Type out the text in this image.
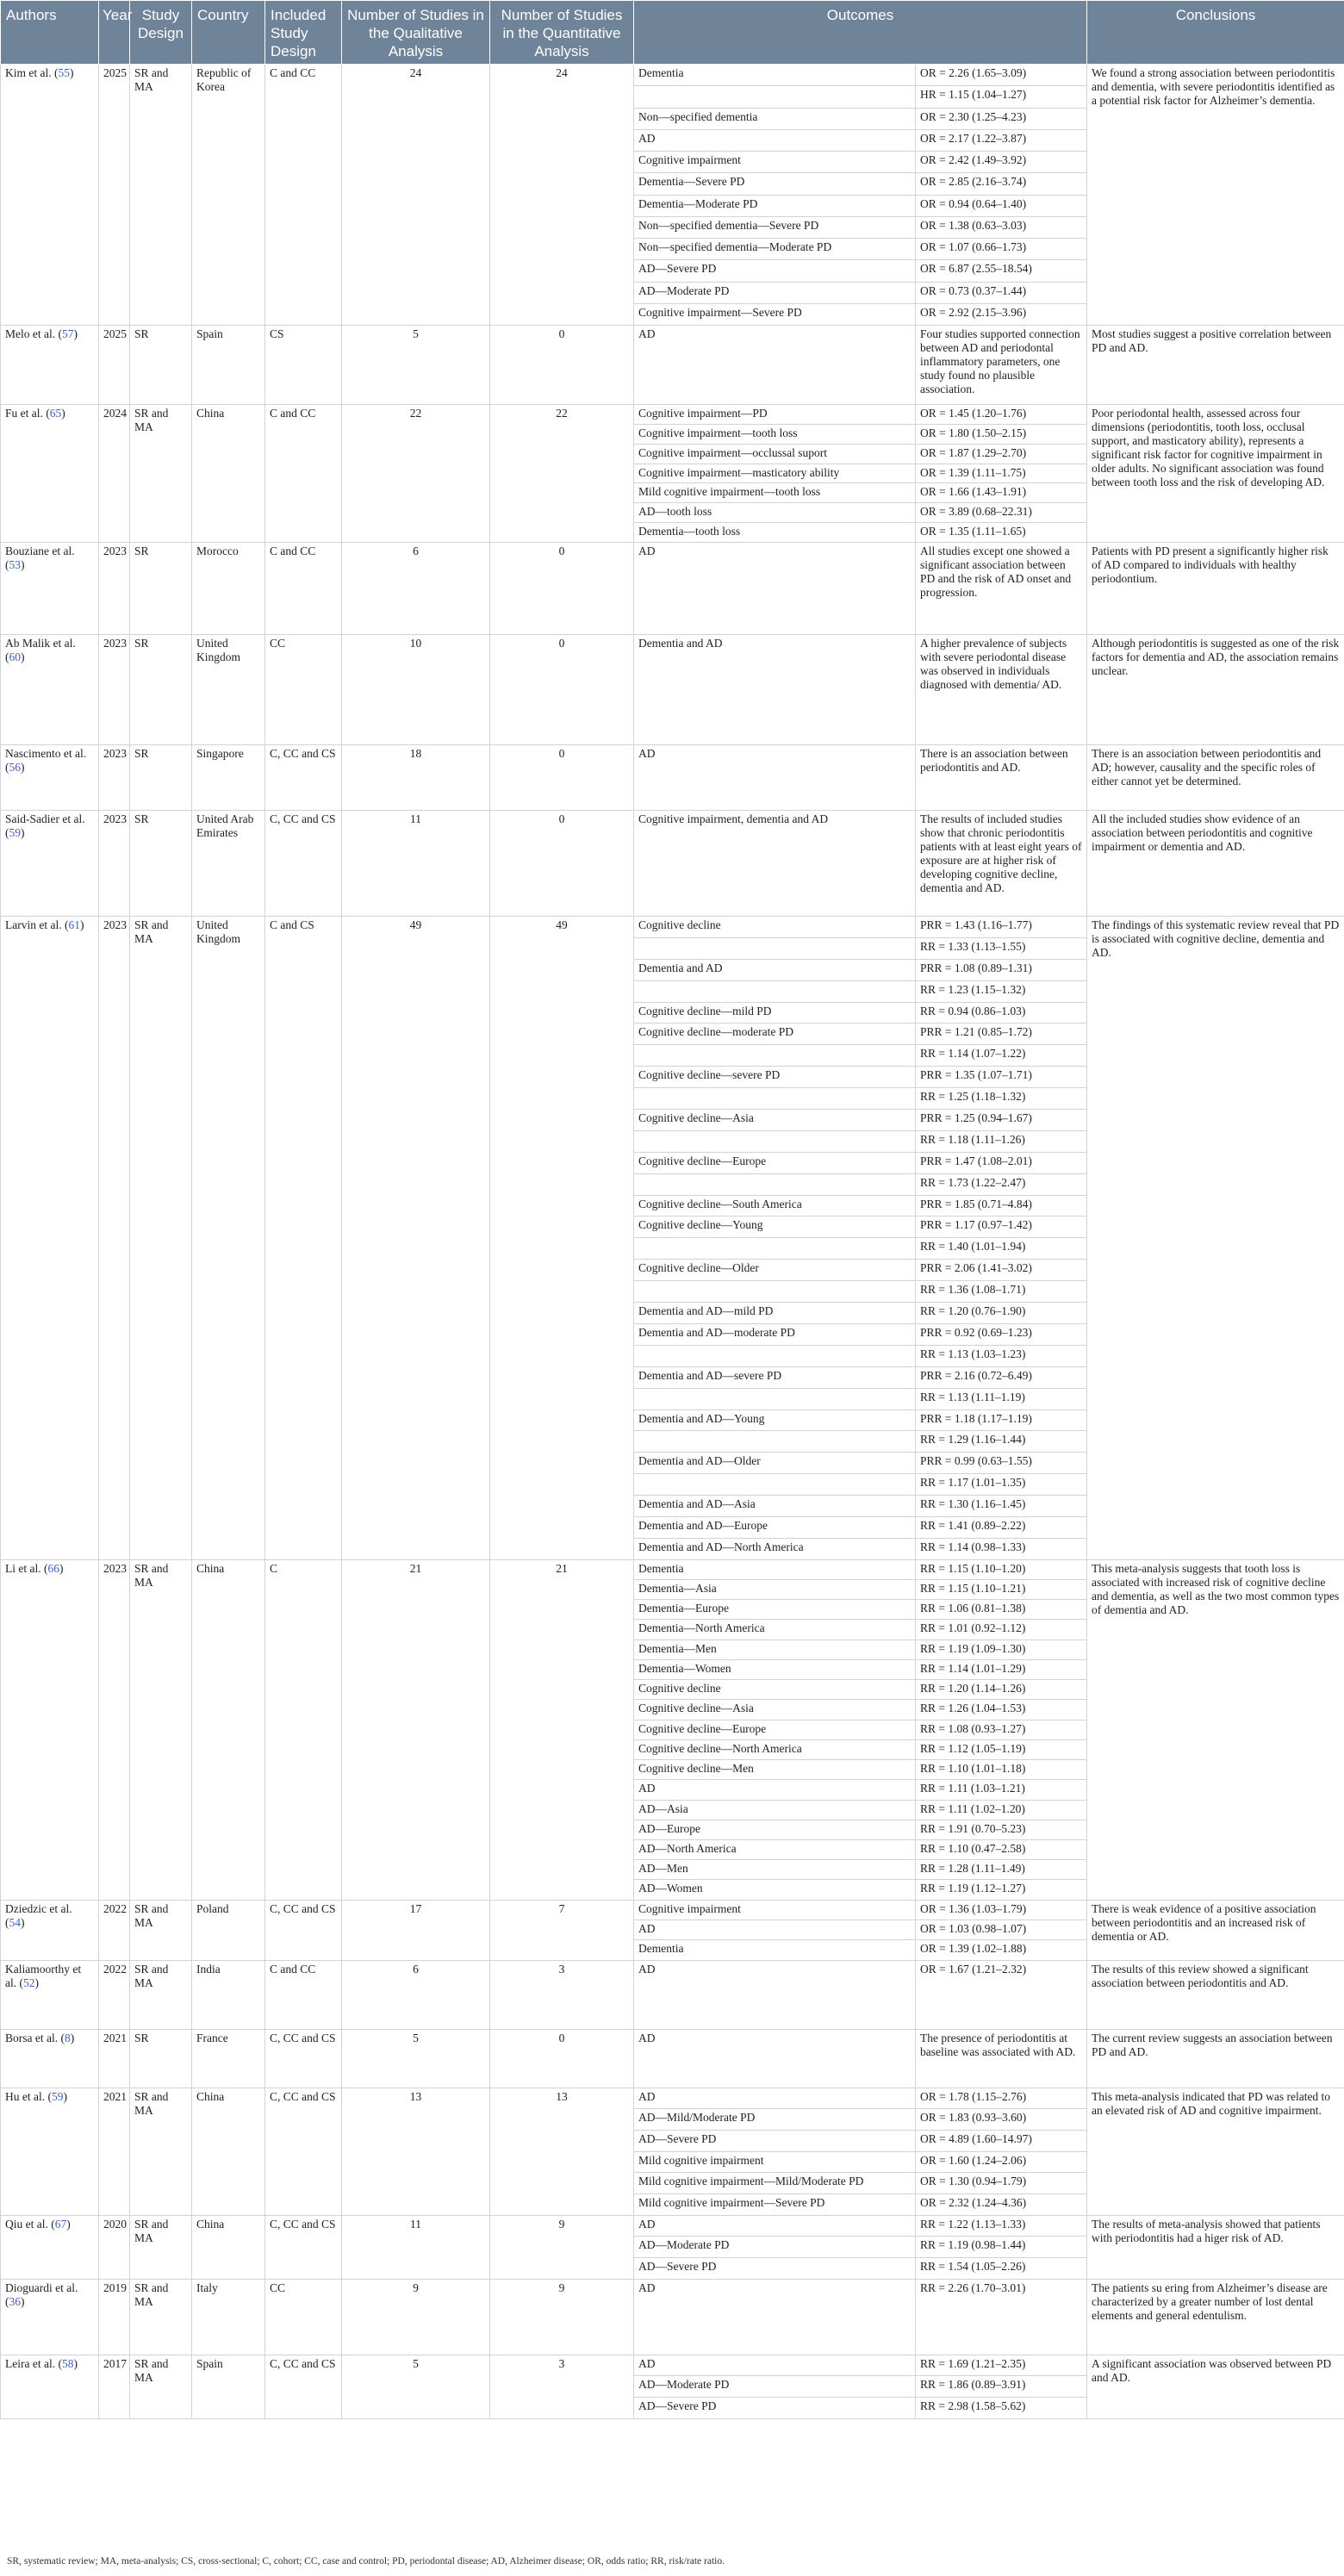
Authors	Year	Study Design	Country	Included Study Design	Number of Studies in the Qualitative Analysis	Number of Studies in the Quantitative Analysis	Outcomes		Conclusions
Kim et al. (55)	2025	SR and MA	Republic of Korea	C and CC	24	24	Dementia	OR = 2.26 (1.65–3.09)	We found a strong association between periodontitis and dementia, with severe periodontitis identified as a potential risk factor for Alzheimer’s dementia.
								HR = 1.15 (1.04–1.27)	
							Non—specified dementia	OR = 2.30 (1.25–4.23)	
							AD	OR = 2.17 (1.22–3.87)	
							Cognitive impairment	OR = 2.42 (1.49–3.92)	
							Dementia—Severe PD	OR = 2.85 (2.16–3.74)	
							Dementia—Moderate PD	OR = 0.94 (0.64–1.40)	
							Non—specified dementia—Severe PD	OR = 1.38 (0.63–3.03)	
							Non—specified dementia—Moderate PD	OR = 1.07 (0.66–1.73)	
							AD—Severe PD	OR = 6.87 (2.55–18.54)	
							AD—Moderate PD	OR = 0.73 (0.37–1.44)	
							Cognitive impairment—Severe PD	OR = 2.92 (2.15–3.96)	
Melo et al. (57)	2025	SR	Spain	CS	5	0	AD	Four studies supported connection between AD and periodontal inflammatory parameters, one study found no plausible association.	Most studies suggest a positive correlation between PD and AD.
Fu et al. (65)	2024	SR and MA	China	C and CC	22	22	Cognitive impairment—PD	OR = 1.45 (1.20–1.76)	Poor periodontal health, assessed across four dimensions (periodontitis, tooth loss, occlusal support, and masticatory ability), represents a significant risk factor for cognitive impairment in older adults. No significant association was found between tooth loss and the risk of developing AD.
							Cognitive impairment—tooth loss	OR = 1.80 (1.50–2.15)	
							Cognitive impairment—occlussal suport	OR = 1.87 (1.29–2.70)	
							Cognitive impairment—masticatory ability	OR = 1.39 (1.11–1.75)	
							Mild cognitive impairment—tooth loss	OR = 1.66 (1.43–1.91)	
							AD—tooth loss	OR = 3.89 (0.68–22.31)	
							Dementia—tooth loss	OR = 1.35 (1.11–1.65)	
Bouziane et al. (53)	2023	SR	Morocco	C and CC	6	0	AD	All studies except one showed a significant association between PD and the risk of AD onset and progression.	Patients with PD present a significantly higher risk of AD compared to individuals with healthy periodontium.
Ab Malik et al. (60)	2023	SR	United Kingdom	CC	10	0	Dementia and AD	A higher prevalence of subjects with severe periodontal disease was observed in individuals diagnosed with dementia/ AD.	Although periodontitis is suggested as one of the risk factors for dementia and AD, the association remains unclear.
Nascimento et al. (56)	2023	SR	Singapore	C, CC and CS	18	0	AD	There is an association between periodontitis and AD.	There is an association between periodontitis and AD; however, causality and the specific roles of either cannot yet be determined.
Said-Sadier et al. (59)	2023	SR	United Arab Emirates	C, CC and CS	11	0	Cognitive impairment, dementia and AD	The results of included studies show that chronic periodontitis patients with at least eight years of exposure are at higher risk of developing cognitive decline, dementia and AD.	All the included studies show evidence of an association between periodontitis and cognitive impairment or dementia and AD.
Larvin et al. (61)	2023	SR and MA	United Kingdom	C and CS	49	49	Cognitive decline	PRR = 1.43 (1.16–1.77)	The findings of this systematic review reveal that PD is associated with cognitive decline, dementia and AD.
								RR = 1.33 (1.13–1.55)	
							Dementia and AD	PRR = 1.08 (0.89–1.31)	
								RR = 1.23 (1.15–1.32)	
							Cognitive decline—mild PD	RR = 0.94 (0.86–1.03)	
							Cognitive decline—moderate PD	PRR = 1.21 (0.85–1.72)	
								RR = 1.14 (1.07–1.22)	
							Cognitive decline—severe PD	PRR = 1.35 (1.07–1.71)	
								RR = 1.25 (1.18–1.32)	
							Cognitive decline—Asia	PRR = 1.25 (0.94–1.67)	
								RR = 1.18 (1.11–1.26)	
							Cognitive decline—Europe	PRR = 1.47 (1.08–2.01)	
								RR = 1.73 (1.22–2.47)	
							Cognitive decline—South America	PRR = 1.85 (0.71–4.84)	
							Cognitive decline—Young	PRR = 1.17 (0.97–1.42)	
								RR = 1.40 (1.01–1.94)	
							Cognitive decline—Older	PRR = 2.06 (1.41–3.02)	
								RR = 1.36 (1.08–1.71)	
							Dementia and AD—mild PD	RR = 1.20 (0.76–1.90)	
							Dementia and AD—moderate PD	PRR = 0.92 (0.69–1.23)	
								RR = 1.13 (1.03–1.23)	
							Dementia and AD—severe PD	PRR = 2.16 (0.72–6.49)	
								RR = 1.13 (1.11–1.19)	
							Dementia and AD—Young	PRR = 1.18 (1.17–1.19)	
								RR = 1.29 (1.16–1.44)	
							Dementia and AD—Older	PRR = 0.99 (0.63–1.55)	
								RR = 1.17 (1.01–1.35)	
							Dementia and AD—Asia	RR = 1.30 (1.16–1.45)	
							Dementia and AD—Europe	RR = 1.41 (0.89–2.22)	
							Dementia and AD—North America	RR = 1.14 (0.98–1.33)	
Li et al. (66)	2023	SR and MA	China	C	21	21	Dementia	RR = 1.15 (1.10–1.20)	This meta-analysis suggests that tooth loss is associated with increased risk of cognitive decline and dementia, as well as the two most common types of dementia and AD.
							Dementia—Asia	RR = 1.15 (1.10–1.21)	
							Dementia—Europe	RR = 1.06 (0.81–1.38)	
							Dementia—North America	RR = 1.01 (0.92–1.12)	
							Dementia—Men	RR = 1.19 (1.09–1.30)	
							Dementia—Women	RR = 1.14 (1.01–1.29)	
							Cognitive decline	RR = 1.20 (1.14–1.26)	
							Cognitive decline—Asia	RR = 1.26 (1.04–1.53)	
							Cognitive decline—Europe	RR = 1.08 (0.93–1.27)	
							Cognitive decline—North America	RR = 1.12 (1.05–1.19)	
							Cognitive decline—Men	RR = 1.10 (1.01–1.18)	
							AD	RR = 1.11 (1.03–1.21)	
							AD—Asia	RR = 1.11 (1.02–1.20)	
							AD—Europe	RR = 1.91 (0.70–5.23)	
							AD—North America	RR = 1.10 (0.47–2.58)	
							AD—Men	RR = 1.28 (1.11–1.49)	
							AD—Women	RR = 1.19 (1.12–1.27)	
Dziedzic et al. (54)	2022	SR and MA	Poland	C, CC and CS	17	7	Cognitive impairment	OR = 1.36 (1.03–1.79)	There is weak evidence of a positive association between periodontitis and an increased risk of dementia or AD.
							AD	OR = 1.03 (0.98–1.07)	
							Dementia	OR = 1.39 (1.02–1.88)	
Kaliamoorthy et al. (52)	2022	SR and MA	India	C and CC	6	3	AD	OR = 1.67 (1.21–2.32)	The results of this review showed a significant association between periodontitis and AD.
Borsa et al. (8)	2021	SR	France	C, CC and CS	5	0	AD	The presence of periodontitis at baseline was associated with AD.	The current review suggests an association between PD and AD.
Hu et al. (59)	2021	SR and MA	China	C, CC and CS	13	13	AD	OR = 1.78 (1.15–2.76)	This meta-analysis indicated that PD was related to an elevated risk of AD and cognitive impairment.
							AD—Mild/Moderate PD	OR = 1.83 (0.93–3.60)	
							AD—Severe PD	OR = 4.89 (1.60–14.97)	
							Mild cognitive impairment	OR = 1.60 (1.24–2.06)	
							Mild cognitive impairment—Mild/Moderate PD	OR = 1.30 (0.94–1.79)	
							Mild cognitive impairment—Severe PD	OR = 2.32 (1.24–4.36)	
Qiu et al. (67)	2020	SR and MA	China	C, CC and CS	11	9	AD	RR = 1.22 (1.13–1.33)	The results of meta-analysis showed that patients with periodontitis had a higer risk of AD.
							AD—Moderate PD	RR = 1.19 (0.98–1.44)	
							AD—Severe PD	RR = 1.54 (1.05–2.26)	
Dioguardi et al. (36)	2019	SR and MA	Italy	CC	9	9	AD	RR = 2.26 (1.70–3.01)	The patients su ering from Alzheimer’s disease are characterized by a greater number of lost dental elements and general edentulism.
Leira et al. (58)	2017	SR and MA	Spain	C, CC and CS	5	3	AD	RR = 1.69 (1.21–2.35)	A significant association was observed between PD and AD.
							AD—Moderate PD	RR = 1.86 (0.89–3.91)	
							AD—Severe PD	RR = 2.98 (1.58–5.62)	
SR, systematic review; MA, meta-analysis; CS, cross-sectional; C, cohort; CC, case and control; PD, periodontal disease; AD, Alzheimer disease; OR, odds ratio; RR, risk/rate ratio.
